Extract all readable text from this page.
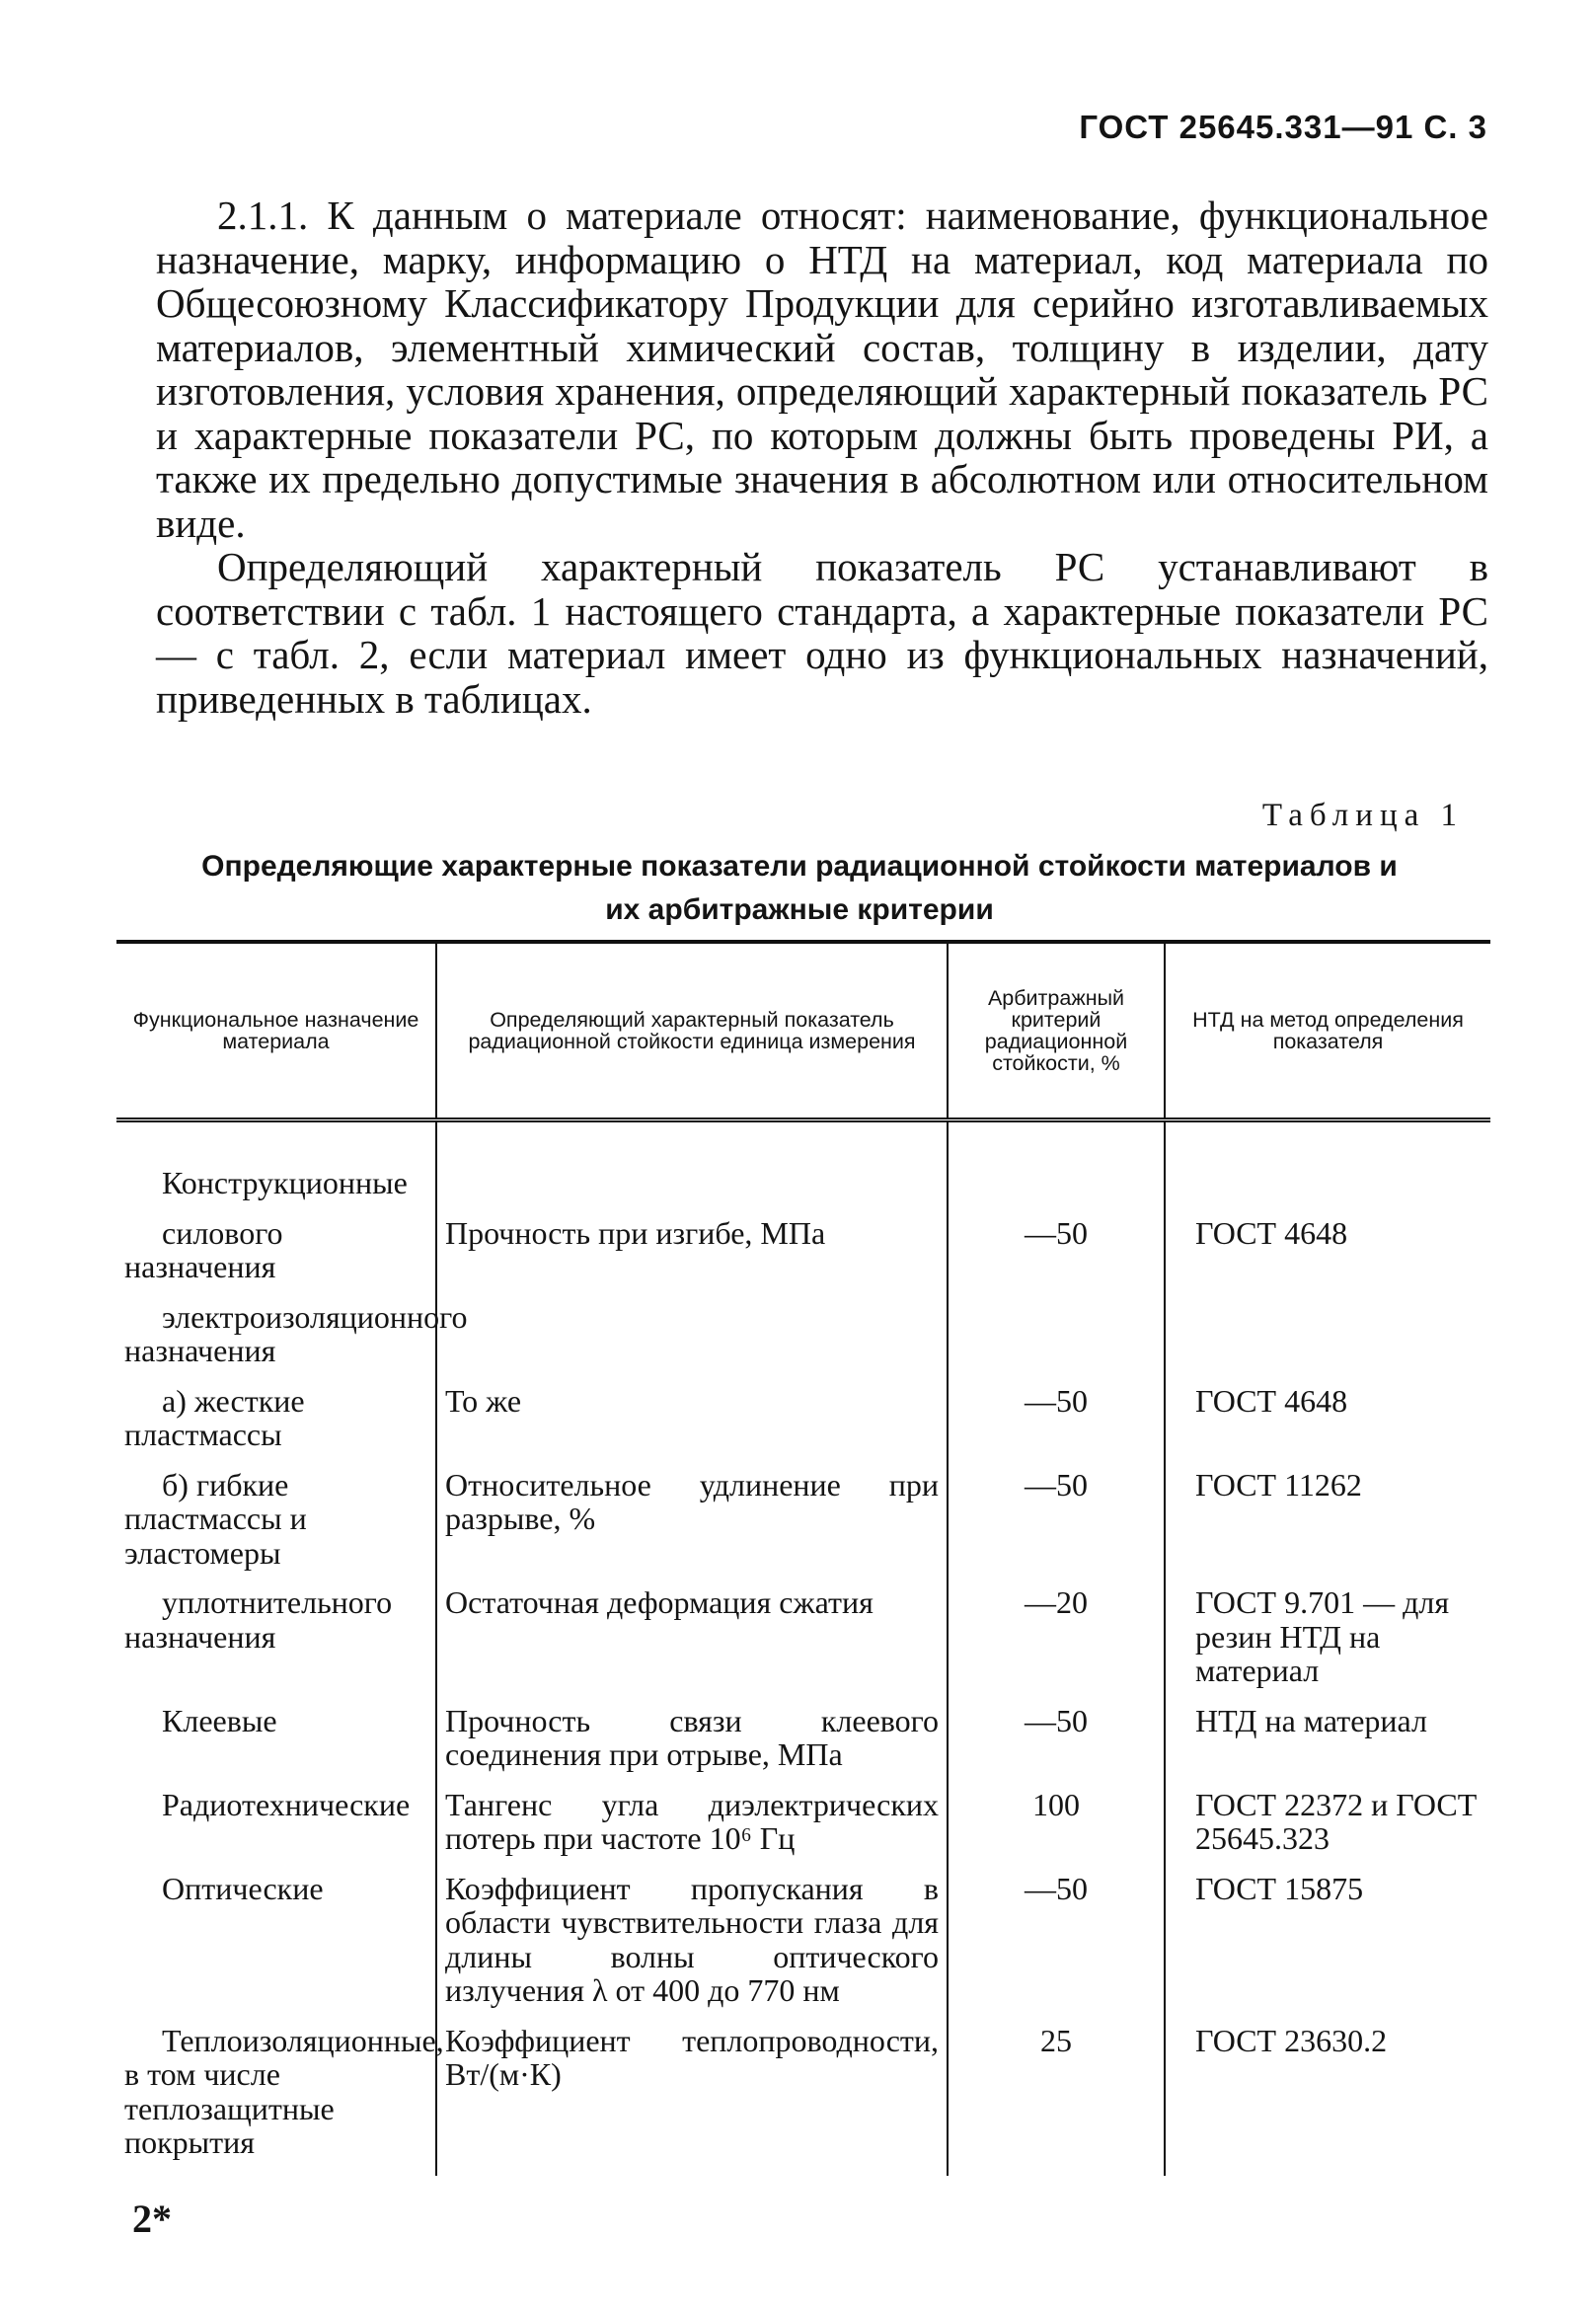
ГОСТ 25645.331—91 С. 3

2.1.1. К данным о материале относят: наименование, функциональное назначение, марку, информацию о НТД на материал, код материала по Общесоюзному Классификатору Продукции для серийно изготавливаемых материалов, элементный химический состав, толщину в изделии, дату изготовления, условия хранения, определяющий характерный показатель РС и характерные показатели РС, по которым должны быть проведены РИ, а также их предельно допустимые значения в абсолютном или относительном виде.

Определяющий характерный показатель РС устанавливают в соответствии с табл. 1 настоящего стандарта, а характерные показатели РС — с табл. 2, если материал имеет одно из функциональных назначений, приведенных в таблицах.

Таблица 1
Определяющие характерные показатели радиационной стойкости материалов и их арбитражные критерии
Функциональное назначение материала	Определяющий характерный показатель радиационной стойкости единица измерения	Арбитражный критерий радиационной стойкости, %	НТД на метод определения показателя
Конструкционные			
силового назначения	Прочность при изгибе, МПа	—50	ГОСТ 4648
электроизоляционного назначения			
а) жесткие пластмассы	То же	—50	ГОСТ 4648
б) гибкие пластмассы и эластомеры	Относительное удлинение при разрыве, %	—50	ГОСТ 11262
уплотнительного назначения	Остаточная деформация сжатия	—20	ГОСТ 9.701 — для резин НТД на материал
Клеевые	Прочность связи клеевого соединения при отрыве, МПа	—50	НТД на материал
Радиотехнические	Тангенс угла диэлектрических потерь при частоте 10⁶ Гц	100	ГОСТ 22372 и ГОСТ 25645.323
Оптические	Коэффициент пропускания в области чувствительности глаза для длины волны оптического излучения λ от 400 до 770 нм	—50	ГОСТ 15875
Теплоизоляционные, в том числе теплозащитные покрытия	Коэффициент теплопроводности, Вт/(м·К)	25	ГОСТ 23630.2
2*
